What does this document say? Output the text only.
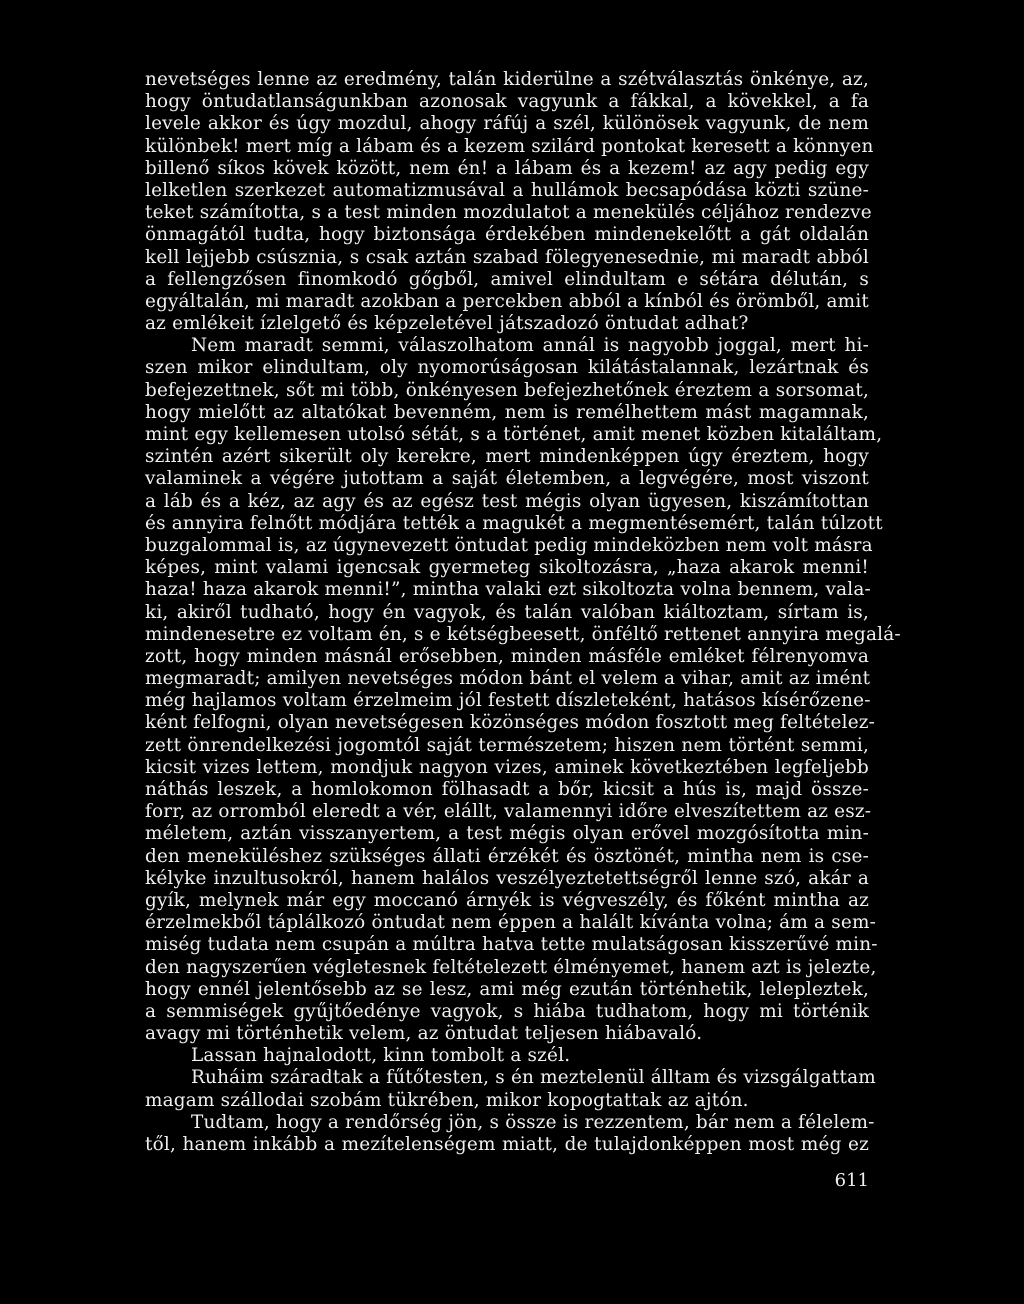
nevetséges lenne az eredmény, talán kiderülne a szétválasztás önkénye, az,
hogy öntudatlanságunkban azonosak vagyunk a fákkal, a kövekkel, a fa
levele akkor és úgy mozdul, ahogy ráfúj a szél, különösek vagyunk, de nem
különbek! mert míg a lábam és a kezem szilárd pontokat keresett a könnyen
billenő síkos kövek között, nem én! a lábam és a kezem! az agy pedig egy
lelketlen szerkezet automatizmusával a hullámok becsapódása közti szüne-
teket számította, s a test minden mozdulatot a menekülés céljához rendezve
önmagától tudta, hogy biztonsága érdekében mindenekelőtt a gát oldalán
kell lejjebb csúsznia, s csak aztán szabad fölegyenesednie, mi maradt abból
a fellengzősen finomkodó gőgből, amivel elindultam e sétára délután, s
egyáltalán, mi maradt azokban a percekben abból a kínból és örömből, amit
az emlékeit ízlelgető és képzeletével játszadozó öntudat adhat?
Nem maradt semmi, válaszolhatom annál is nagyobb joggal, mert hi-
szen mikor elindultam, oly nyomorúságosan kilátástalannak, lezártnak és
befejezettnek, sőt mi több, önkényesen befejezhetőnek éreztem a sorsomat,
hogy mielőtt az altatókat bevenném, nem is remélhettem mást magamnak,
mint egy kellemesen utolsó sétát, s a történet, amit menet közben kitaláltam,
szintén azért sikerült oly kerekre, mert mindenképpen úgy éreztem, hogy
valaminek a végére jutottam a saját életemben, a legvégére, most viszont
a láb és a kéz, az agy és az egész test mégis olyan ügyesen, kiszámítottan
és annyira felnőtt módjára tették a magukét a megmentésemért, talán túlzott
buzgalommal is, az úgynevezett öntudat pedig mindeközben nem volt másra
képes, mint valami igencsak gyermeteg sikoltozásra, „haza akarok menni!
haza! haza akarok menni!”, mintha valaki ezt sikoltozta volna bennem, vala-
ki, akiről tudható, hogy én vagyok, és talán valóban kiáltoztam, sírtam is,
mindenesetre ez voltam én, s e kétségbeesett, önféltő rettenet annyira megalá-
zott, hogy minden másnál erősebben, minden másféle emléket félrenyomva
megmaradt; amilyen nevetséges módon bánt el velem a vihar, amit az imént
még hajlamos voltam érzelmeim jól festett díszleteként, hatásos kísérőzene-
ként felfogni, olyan nevetségesen közönséges módon fosztott meg feltételez-
zett önrendelkezési jogomtól saját természetem; hiszen nem történt semmi,
kicsit vizes lettem, mondjuk nagyon vizes, aminek következtében legfeljebb
náthás leszek, a homlokomon fölhasadt a bőr, kicsit a hús is, majd össze-
forr, az orromból eleredt a vér, elállt, valamennyi időre elveszítettem az esz-
méletem, aztán visszanyertem, a test mégis olyan erővel mozgósította min-
den meneküléshez szükséges állati érzékét és ösztönét, mintha nem is cse-
kélyke inzultusokról, hanem halálos veszélyeztetettségről lenne szó, akár a
gyík, melynek már egy moccanó árnyék is végveszély, és főként mintha az
érzelmekből táplálkozó öntudat nem éppen a halált kívánta volna; ám a sem-
miség tudata nem csupán a múltra hatva tette mulatságosan kisszerűvé min-
den nagyszerűen végletesnek feltételezett élményemet, hanem azt is jelezte,
hogy ennél jelentősebb az se lesz, ami még ezután történhetik, lelepleztek,
a semmiségek gyűjtőedénye vagyok, s hiába tudhatom, hogy mi történik
avagy mi történhetik velem, az öntudat teljesen hiábavaló.
Lassan hajnalodott, kinn tombolt a szél.
Ruháim száradtak a fűtőtesten, s én meztelenül álltam és vizsgálgattam
magam szállodai szobám tükrében, mikor kopogtattak az ajtón.
Tudtam, hogy a rendőrség jön, s össze is rezzentem, bár nem a félelem-
től, hanem inkább a mezítelenségem miatt, de tulajdonképpen most még ez
611
